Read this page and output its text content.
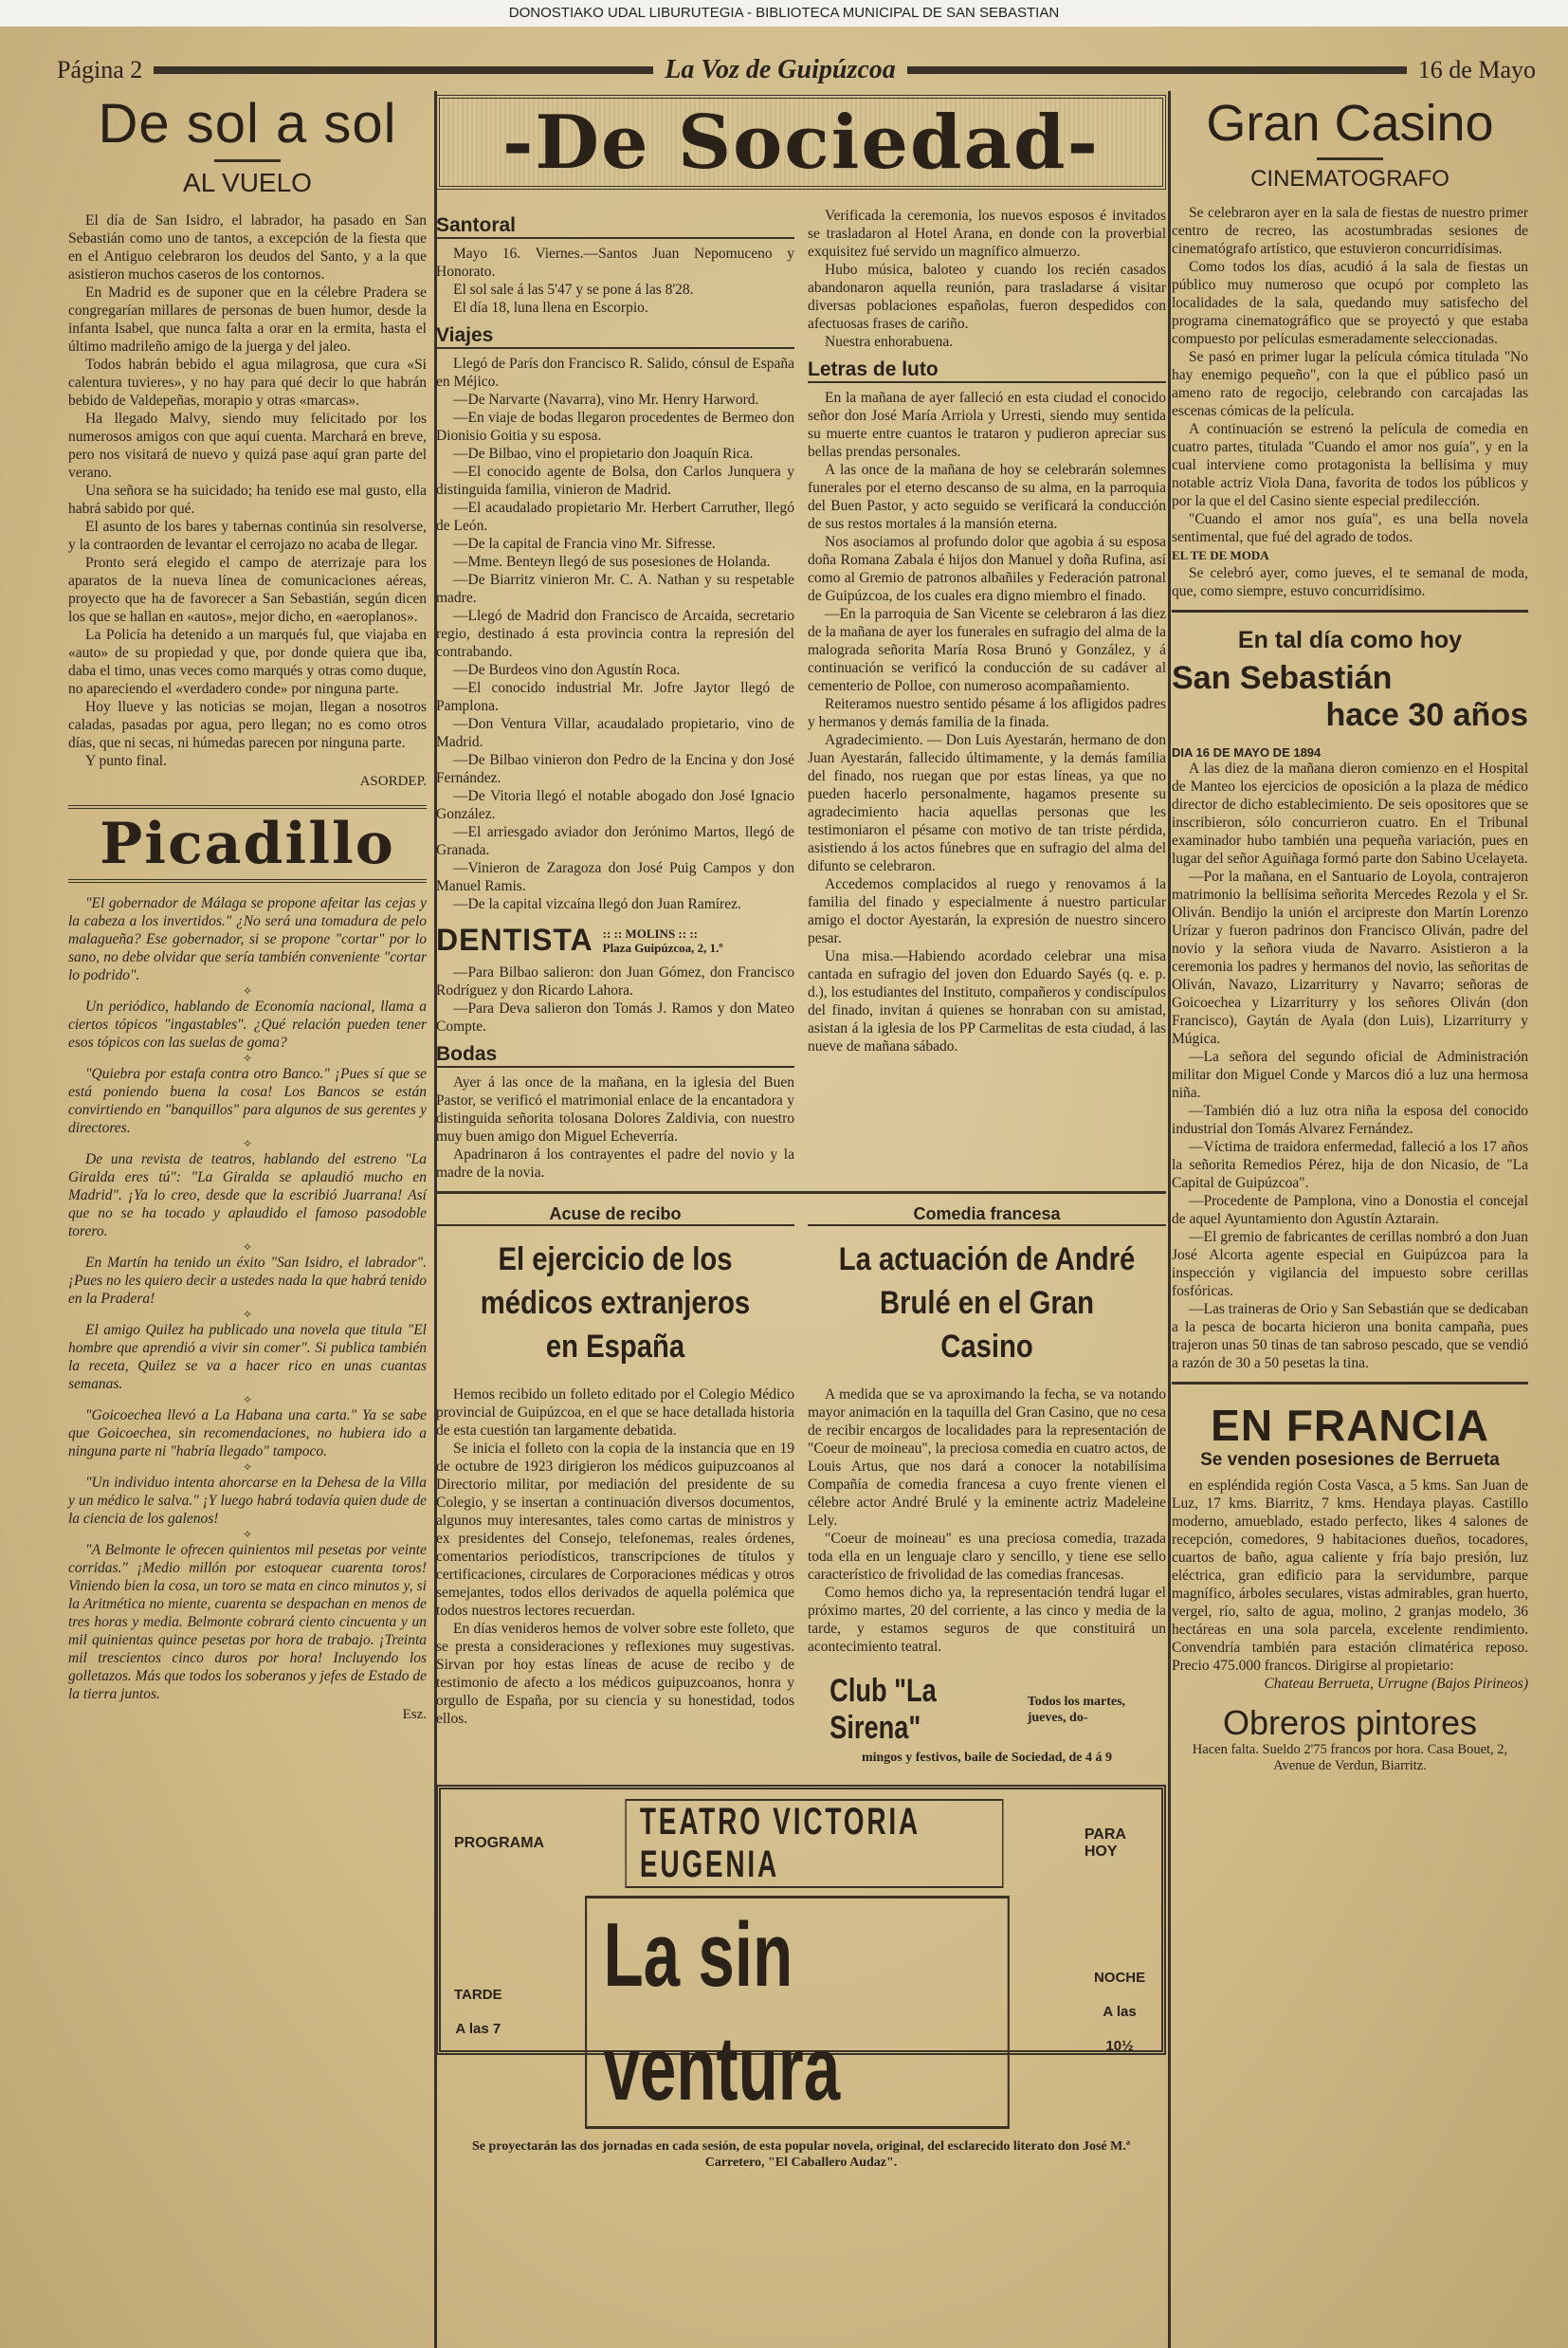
DONOSTIAKO UDAL LIBURUTEGIA - BIBLIOTECA MUNICIPAL DE SAN SEBASTIAN
Página 2	La Voz de Guipúzcoa	16 de Mayo
De sol a sol
AL VUELO

El día de San Isidro, el labrador, ha pasado en San Sebastián como uno de tantos, a excepción de la fiesta que en el Antiguo celebraron los deudos del Santo, y a la que asistieron muchos caseros de los contornos.

En Madrid es de suponer que en la célebre Pradera se congregarían millares de personas de buen humor, desde la infanta Isabel, que nunca falta a orar en la ermita, hasta el último madrileño amigo de la juerga y del jaleo.

Todos habrán bebido el agua milagrosa, que cura «Si calentura tuvieres», y no hay para qué decir lo que habrán bebido de Valdepeñas, morapio y otras «marcas».

Ha llegado Malvy, siendo muy felicitado por los numerosos amigos con que aquí cuenta. Marchará en breve, pero nos visitará de nuevo y quizá pase aquí gran parte del verano.

Una señora se ha suicidado; ha tenido ese mal gusto, ella habrá sabido por qué.

El asunto de los bares y tabernas continúa sin resolverse, y la contraorden de levantar el cerrojazo no acaba de llegar.

Pronto será elegido el campo de aterrizaje para los aparatos de la nueva línea de comunicaciones aéreas, proyecto que ha de favorecer a San Sebastián, según dicen los que se hallan en «autos», mejor dicho, en «aeroplanos».

La Policía ha detenido a un marqués ful, que viajaba en «auto» de su propiedad y que, por donde quiera que iba, daba el timo, unas veces como marqués y otras como duque, no apareciendo el «verdadero conde» por ninguna parte.

Hoy llueve y las noticias se mojan, llegan a nosotros caladas, pasadas por agua, pero llegan; no es como otros días, que ni secas, ni húmedas parecen por ninguna parte.

Y punto final.

ASORDEP.
Picadillo

"El gobernador de Málaga se propone afeitar las cejas y la cabeza a los invertidos." ¿No será una tomadura de pelo malagueña? Ese gobernador, si se propone "cortar" por lo sano, no debe olvidar que sería también conveniente "cortar lo podrido".

✧

Un periódico, hablando de Economía nacional, llama a ciertos tópicos "ingastables". ¿Qué relación pueden tener esos tópicos con las suelas de goma?

✧

"Quiebra por estafa contra otro Banco." ¡Pues sí que se está poniendo buena la cosa! Los Bancos se están convirtiendo en "banquillos" para algunos de sus gerentes y directores.

✧

De una revista de teatros, hablando del estreno "La Giralda eres tú": "La Giralda se aplaudió mucho en Madrid". ¡Ya lo creo, desde que la escribió Juarrana! Así que no se ha tocado y aplaudido el famoso pasodoble torero.

✧

En Martín ha tenido un éxito "San Isidro, el labrador". ¡Pues no les quiero decir a ustedes nada la que habrá tenido en la Pradera!

✧

El amigo Quilez ha publicado una novela que titula "El hombre que aprendió a vivir sin comer". Si publica también la receta, Quilez se va a hacer rico en unas cuantas semanas.

✧

"Goicoechea llevó a La Habana una carta." Ya se sabe que Goicoechea, sin recomendaciones, no hubiera ido a ninguna parte ni "habría llegado" tampoco.

✧

"Un individuo intenta ahorcarse en la Dehesa de la Villa y un médico le salva." ¡Y luego habrá todavía quien dude de la ciencia de los galenos!

✧

"A Belmonte le ofrecen quinientos mil pesetas por veinte corridas." ¡Medio millón por estoquear cuarenta toros! Viniendo bien la cosa, un toro se mata en cinco minutos y, si la Aritmética no miente, cuarenta se despachan en menos de tres horas y media. Belmonte cobrará ciento cincuenta y un mil quinientas quince pesetas por hora de trabajo. ¡Treinta mil trescientos cinco duros por hora! Incluyendo los golletazos. Más que todos los soberanos y jefes de Estado de la tierra juntos.

Esz.
-De Sociedad-
Santoral

Mayo 16. Viernes.—Santos Juan Nepomuceno y Honorato.

El sol sale á las 5'47 y se pone á las 8'28.

El día 18, luna llena en Escorpio.

Viajes

Llegó de París don Francisco R. Salido, cónsul de España en Méjico.

—De Narvarte (Navarra), vino Mr. Henry Harword.

—En viaje de bodas llegaron procedentes de Bermeo don Dionisio Goitia y su esposa.

—De Bilbao, vino el propietario don Joaquín Rica.

—El conocido agente de Bolsa, don Carlos Junquera y distinguida familia, vinieron de Madrid.

—El acaudalado propietario Mr. Herbert Carruther, llegó de León.

—De la capital de Francia vino Mr. Sifresse.

—Mme. Benteyn llegó de sus posesiones de Holanda.

—De Biarritz vinieron Mr. C. A. Nathan y su respetable madre.

—Llegó de Madrid don Francisco de Arcaida, secretario regio, destinado á esta provincia contra la represión del contrabando.

—De Burdeos vino don Agustín Roca.

—El conocido industrial Mr. Jofre Jaytor llegó de Pamplona.

—Don Ventura Villar, acaudalado propietario, vino de Madrid.

—De Bilbao vinieron don Pedro de la Encina y don José Fernández.

—De Vitoria llegó el notable abogado don José Ignacio González.

—El arriesgado aviador don Jerónimo Martos, llegó de Granada.

—Vinieron de Zaragoza don José Puig Campos y don Manuel Ramis.

—De la capital vizcaína llegó don Juan Ramírez.

DENTISTA :: :: MOLINS :: ::
Plaza Guipúzcoa, 2, 1.º

—Para Bilbao salieron: don Juan Gómez, don Francisco Rodríguez y don Ricardo Lahora.

—Para Deva salieron don Tomás J. Ramos y don Mateo Compte.

Bodas

Ayer á las once de la mañana, en la iglesia del Buen Pastor, se verificó el matrimonial enlace de la encantadora y distinguida señorita tolosana Dolores Zaldivia, con nuestro muy buen amigo don Miguel Echeverría.

Apadrinaron á los contrayentes el padre del novio y la madre de la novia.

Verificada la ceremonia, los nuevos esposos é invitados se trasladaron al Hotel Arana, en donde con la proverbial exquisitez fué servido un magnífico almuerzo.

Hubo música, baloteo y cuando los recién casados abandonaron aquella reunión, para trasladarse á visitar diversas poblaciones españolas, fueron despedidos con afectuosas frases de cariño.

Nuestra enhorabuena.

Letras de luto

En la mañana de ayer falleció en esta ciudad el conocido señor don José María Arriola y Urresti, siendo muy sentida su muerte entre cuantos le trataron y pudieron apreciar sus bellas prendas personales.

A las once de la mañana de hoy se celebrarán solemnes funerales por el eterno descanso de su alma, en la parroquia del Buen Pastor, y acto seguido se verificará la conducción de sus restos mortales á la mansión eterna.

Nos asociamos al profundo dolor que agobia á su esposa doña Romana Zabala é hijos don Manuel y doña Rufina, así como al Gremio de patronos albañiles y Federación patronal de Guipúzcoa, de los cuales era digno miembro el finado.

—En la parroquia de San Vicente se celebraron á las diez de la mañana de ayer los funerales en sufragio del alma de la malograda señorita María Rosa Brunó y González, y á continuación se verificó la conducción de su cadáver al cementerio de Polloe, con numeroso acompañamiento.

Reiteramos nuestro sentido pésame á los afligidos padres y hermanos y demás familia de la finada.

Agradecimiento. — Don Luis Ayestarán, hermano de don Juan Ayestarán, fallecido últimamente, y la demás familia del finado, nos ruegan que por estas líneas, ya que no pueden hacerlo personalmente, hagamos presente su agradecimiento hacia aquellas personas que les testimoniaron el pésame con motivo de tan triste pérdida, asistiendo á los actos fúnebres que en sufragio del alma del difunto se celebraron.

Accedemos complacidos al ruego y renovamos á la familia del finado y especialmente á nuestro particular amigo el doctor Ayestarán, la expresión de nuestro sincero pesar.

Una misa.—Habiendo acordado celebrar una misa cantada en sufragio del joven don Eduardo Sayés (q. e. p. d.), los estudiantes del Instituto, compañeros y condiscípulos del finado, invitan á quienes se honraban con su amistad, asistan á la iglesia de los PP Carmelitas de esta ciudad, á las nueve de mañana sábado.

Acuse de recibo
El ejercicio de los médicos extranjeros en España

Hemos recibido un folleto editado por el Colegio Médico provincial de Guipúzcoa, en el que se hace detallada historia de esta cuestión tan largamente debatida.

Se inicia el folleto con la copia de la instancia que en 19 de octubre de 1923 dirigieron los médicos guipuzcoanos al Directorio militar, por mediación del presidente de su Colegio, y se insertan a continuación diversos documentos, algunos muy interesantes, tales como cartas de ministros y ex presidentes del Consejo, telefonemas, reales órdenes, comentarios periodísticos, transcripciones de títulos y certificaciones, circulares de Corporaciones médicas y otros semejantes, todos ellos derivados de aquella polémica que todos nuestros lectores recuerdan.

En días venideros hemos de volver sobre este folleto, que se presta a consideraciones y reflexiones muy sugestivas. Sirvan por hoy estas líneas de acuse de recibo y de testimonio de afecto a los médicos guipuzcoanos, honra y orgullo de España, por su ciencia y su honestidad, todos ellos.

Comedia francesa
La actuación de André Brulé en el Gran Casino

A medida que se va aproximando la fecha, se va notando mayor animación en la taquilla del Gran Casino, que no cesa de recibir encargos de localidades para la representación de "Coeur de moineau", la preciosa comedia en cuatro actos, de Louis Artus, que nos dará a conocer la notabilísima Compañía de comedia francesa a cuyo frente vienen el célebre actor André Brulé y la eminente actriz Madeleine Lely.

"Coeur de moineau" es una preciosa comedia, trazada toda ella en un lenguaje claro y sencillo, y tiene ese sello característico de frivolidad de las comedias francesas.

Como hemos dicho ya, la representación tendrá lugar el próximo martes, 20 del corriente, a las cinco y media de la tarde, y estamos seguros de que constituirá un acontecimiento teatral.

Club "La Sirena"
Todos los martes, jueves, do-
mingos y festivos, baile de Sociedad, de 4 á 9
PROGRAMA
TEATRO VICTORIA EUGENIA
PARA HOY
TARDE
A las 7
La sin ventura
NOCHE
A las 10½
Se proyectarán las dos jornadas en cada sesión, de esta popular novela, original, del esclarecido literato don José M.ª Carretero, "El Caballero Audaz".
Gran Casino
CINEMATOGRAFO

Se celebraron ayer en la sala de fiestas de nuestro primer centro de recreo, las acostumbradas sesiones de cinematógrafo artístico, que estuvieron concurridísimas.

Como todos los días, acudió á la sala de fiestas un público muy numeroso que ocupó por completo las localidades de la sala, quedando muy satisfecho del programa cinematográfico que se proyectó y que estaba compuesto por películas esmeradamente seleccionadas.

Se pasó en primer lugar la película cómica titulada "No hay enemigo pequeño", con la que el público pasó un ameno rato de regocijo, celebrando con carcajadas las escenas cómicas de la película.

A continuación se estrenó la película de comedia en cuatro partes, titulada "Cuando el amor nos guía", y en la cual interviene como protagonista la bellísima y muy notable actriz Viola Dana, favorita de todos los públicos y por la que el del Casino siente especial predilección.

"Cuando el amor nos guía", es una bella novela sentimental, que fué del agrado de todos.

EL TE DE MODA

Se celebró ayer, como jueves, el te semanal de moda, que, como siempre, estuvo concurridísimo.

En tal día como hoy
San Sebastián
hace 30 años
DIA 16 DE MAYO DE 1894

A las diez de la mañana dieron comienzo en el Hospital de Manteo los ejercicios de oposición a la plaza de médico director de dicho establecimiento. De seis opositores que se inscribieron, sólo concurrieron cuatro. En el Tribunal examinador hubo también una pequeña variación, pues en lugar del señor Aguiñaga formó parte don Sabino Ucelayeta.

—Por la mañana, en el Santuario de Loyola, contrajeron matrimonio la bellísima señorita Mercedes Rezola y el Sr. Oliván. Bendijo la unión el arcipreste don Martín Lorenzo Urízar y fueron padrinos don Francisco Oliván, padre del novio y la señora viuda de Navarro. Asistieron a la ceremonia los padres y hermanos del novio, las señoritas de Oliván, Navazo, Lizarriturry y Navarro; señoras de Goicoechea y Lizarriturry y los señores Oliván (don Francisco), Gaytán de Ayala (don Luis), Lizarriturry y Múgica.

—La señora del segundo oficial de Administración militar don Miguel Conde y Marcos dió a luz una hermosa niña.

—También dió a luz otra niña la esposa del conocido industrial don Tomás Alvarez Fernández.

—Víctima de traidora enfermedad, falleció a los 17 años la señorita Remedios Pérez, hija de don Nicasio, de "La Capital de Guipúzcoa".

—Procedente de Pamplona, vino a Donostia el concejal de aquel Ayuntamiento don Agustín Aztarain.

—El gremio de fabricantes de cerillas nombró a don Juan José Alcorta agente especial en Guipúzcoa para la inspección y vigilancia del impuesto sobre cerillas fosfóricas.

—Las traineras de Orio y San Sebastián que se dedicaban a la pesca de bocarta hicieron una bonita campaña, pues trajeron unas 50 tinas de tan sabroso pescado, que se vendió a razón de 30 a 50 pesetas la tina.

EN FRANCIA
Se venden posesiones de Berrueta

en espléndida región Costa Vasca, a 5 kms. San Juan de Luz, 17 kms. Biarritz, 7 kms. Hendaya playas. Castillo moderno, amueblado, estado perfecto, likes 4 salones de recepción, comedores, 9 habitaciones dueños, tocadores, cuartos de baño, agua caliente y fría bajo presión, luz eléctrica, gran edificio para la servidumbre, parque magnífico, árboles seculares, vistas admirables, gran huerto, vergel, río, salto de agua, molino, 2 granjas modelo, 36 hectáreas en una sola parcela, excelente rendimiento. Convendría también para estación climatérica reposo. Precio 475.000 francos. Dirigirse al propietario:

Chateau Berrueta, Urrugne (Bajos Pirineos)

Obreros pintores
Hacen falta. Sueldo 2'75 francos por hora. Casa Bouet, 2, Avenue de Verdun, Biarritz.
